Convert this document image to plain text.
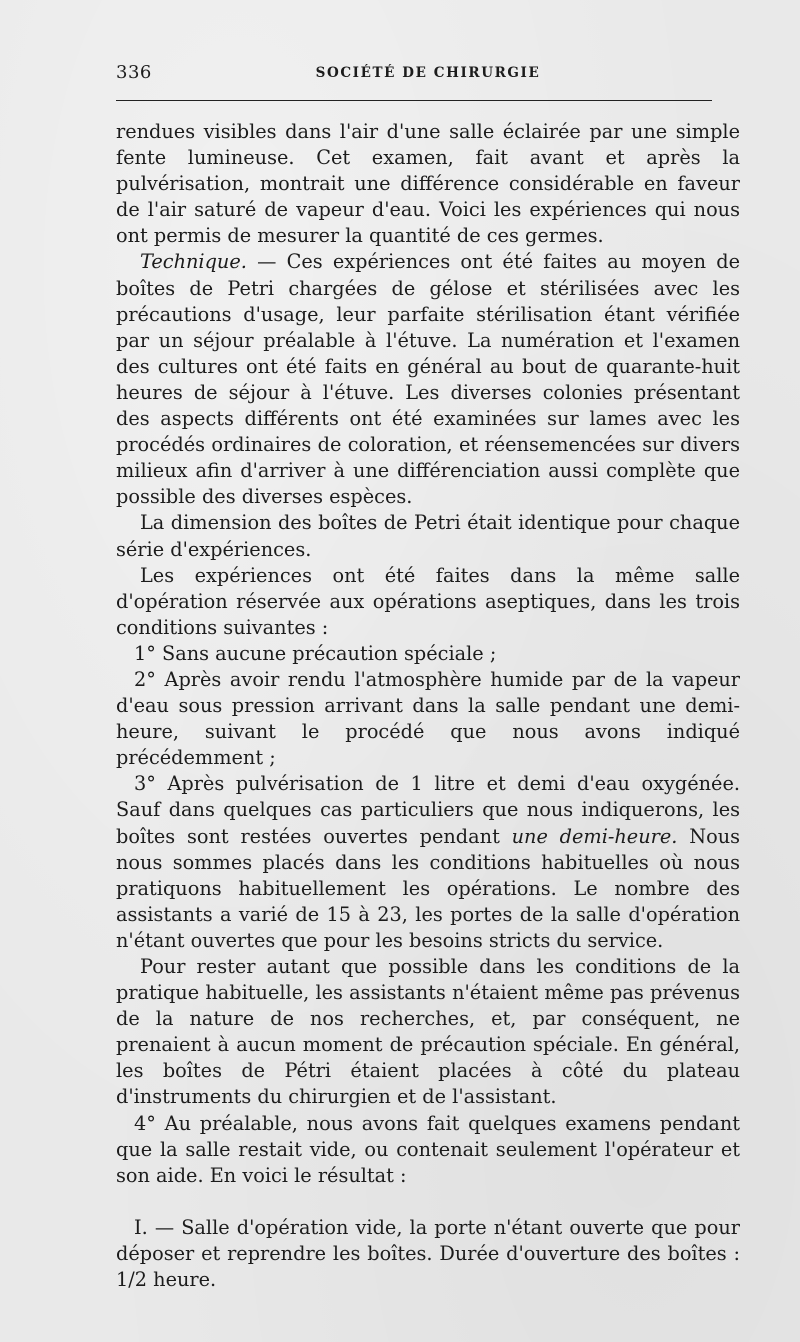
336	SOCIÉTÉ DE CHIRURGIE

rendues visibles dans l'air d'une salle éclairée par une simple fente lumineuse. Cet examen, fait avant et après la pulvérisation, montrait une différence considérable en faveur de l'air saturé de vapeur d'eau. Voici les expériences qui nous ont permis de mesurer la quantité de ces germes.

Technique. — Ces expériences ont été faites au moyen de boîtes de Petri chargées de gélose et stérilisées avec les précautions d'usage, leur parfaite stérilisation étant vérifiée par un séjour préalable à l'étuve. La numération et l'examen des cultures ont été faits en général au bout de quarante-huit heures de séjour à l'étuve. Les diverses colonies présentant des aspects différents ont été examinées sur lames avec les procédés ordinaires de coloration, et réensemencées sur divers milieux afin d'arriver à une différenciation aussi complète que possible des diverses espèces.

La dimension des boîtes de Petri était identique pour chaque série d'expériences.

Les expériences ont été faites dans la même salle d'opération réservée aux opérations aseptiques, dans les trois conditions suivantes :

1° Sans aucune précaution spéciale ;

2° Après avoir rendu l'atmosphère humide par de la vapeur d'eau sous pression arrivant dans la salle pendant une demi-heure, suivant le procédé que nous avons indiqué précédemment ;

3° Après pulvérisation de 1 litre et demi d'eau oxygénée. Sauf dans quelques cas particuliers que nous indiquerons, les boîtes sont restées ouvertes pendant une demi-heure. Nous nous sommes placés dans les conditions habituelles où nous pratiquons habituellement les opérations. Le nombre des assistants a varié de 15 à 23, les portes de la salle d'opération n'étant ouvertes que pour les besoins stricts du service.

Pour rester autant que possible dans les conditions de la pratique habituelle, les assistants n'étaient même pas prévenus de la nature de nos recherches, et, par conséquent, ne prenaient à aucun moment de précaution spéciale. En général, les boîtes de Pétri étaient placées à côté du plateau d'instruments du chirurgien et de l'assistant.

4° Au préalable, nous avons fait quelques examens pendant que la salle restait vide, ou contenait seulement l'opérateur et son aide. En voici le résultat :

I. — Salle d'opération vide, la porte n'étant ouverte que pour déposer et reprendre les boîtes. Durée d'ouverture des boîtes : 1/2 heure.
